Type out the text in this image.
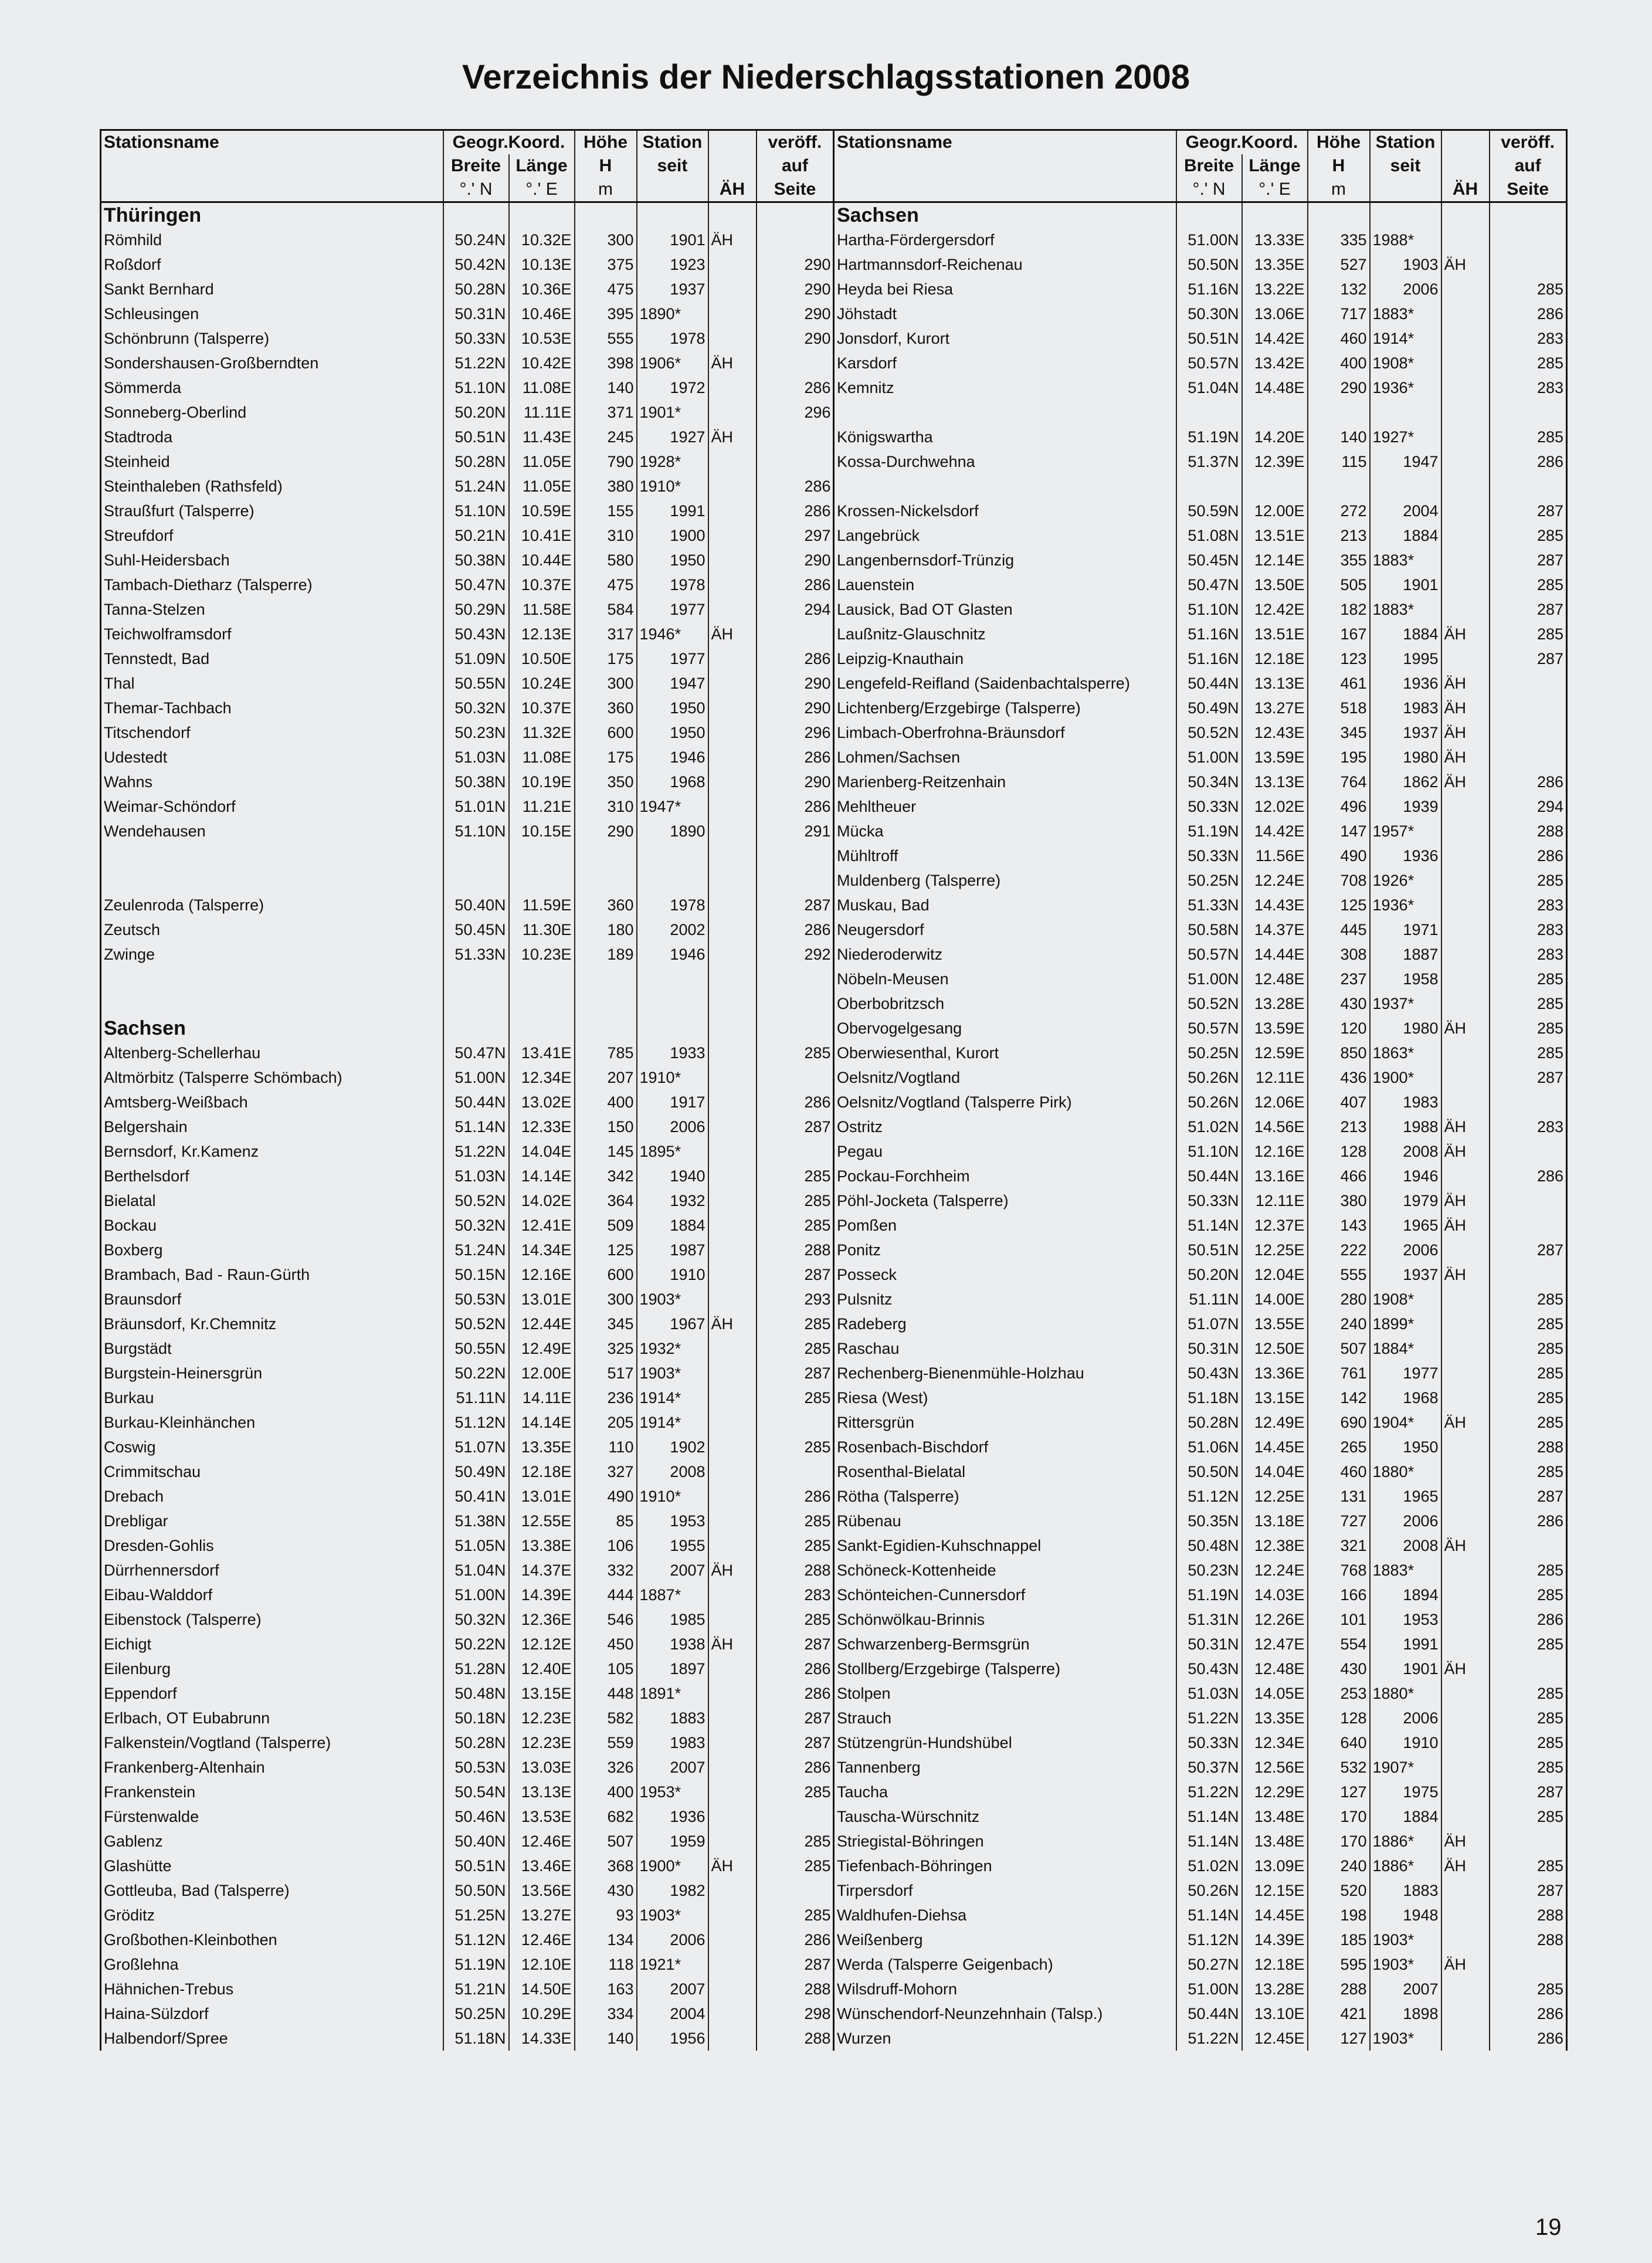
Verzeichnis der Niederschlagsstationen 2008
Stationsname	Geogr.Koord.		Höhe	Station		veröff.
	Breite	Länge	H	seit		auf
	°.' N	°.' E	m		ÄH	Seite
Thüringen						
Römhild	50.24N	10.32E	300	1901	ÄH	
Roßdorf	50.42N	10.13E	375	1923		290
Sankt Bernhard	50.28N	10.36E	475	1937		290
Schleusingen	50.31N	10.46E	395	1890*		290
Schönbrunn (Talsperre)	50.33N	10.53E	555	1978		290
Sondershausen-Großberndten	51.22N	10.42E	398	1906*	ÄH	
Sömmerda	51.10N	11.08E	140	1972		286
Sonneberg-Oberlind	50.20N	11.11E	371	1901*		296
Stadtroda	50.51N	11.43E	245	1927	ÄH	
Steinheid	50.28N	11.05E	790	1928*		
Steinthaleben (Rathsfeld)	51.24N	11.05E	380	1910*		286
Straußfurt (Talsperre)	51.10N	10.59E	155	1991		286
Streufdorf	50.21N	10.41E	310	1900		297
Suhl-Heidersbach	50.38N	10.44E	580	1950		290
Tambach-Dietharz (Talsperre)	50.47N	10.37E	475	1978		286
Tanna-Stelzen	50.29N	11.58E	584	1977		294
Teichwolframsdorf	50.43N	12.13E	317	1946*	ÄH	
Tennstedt, Bad	51.09N	10.50E	175	1977		286
Thal	50.55N	10.24E	300	1947		290
Themar-Tachbach	50.32N	10.37E	360	1950		290
Titschendorf	50.23N	11.32E	600	1950		296
Udestedt	51.03N	11.08E	175	1946		286
Wahns	50.38N	10.19E	350	1968		290
Weimar-Schöndorf	51.01N	11.21E	310	1947*		286
Wendehausen	51.10N	10.15E	290	1890		291

Zeulenroda (Talsperre)	50.40N	11.59E	360	1978		287
Zeutsch	50.45N	11.30E	180	2002		286
Zwinge	51.33N	10.23E	189	1946		292

Sachsen						
Altenberg-Schellerhau	50.47N	13.41E	785	1933		285
Altmörbitz (Talsperre Schömbach)	51.00N	12.34E	207	1910*		
Amtsberg-Weißbach	50.44N	13.02E	400	1917		286
Belgershain	51.14N	12.33E	150	2006		287
Bernsdorf, Kr.Kamenz	51.22N	14.04E	145	1895*		
Berthelsdorf	51.03N	14.14E	342	1940		285
Bielatal	50.52N	14.02E	364	1932		285
Bockau	50.32N	12.41E	509	1884		285
Boxberg	51.24N	14.34E	125	1987		288
Brambach, Bad - Raun-Gürth	50.15N	12.16E	600	1910		287
Braunsdorf	50.53N	13.01E	300	1903*		293
Bräunsdorf, Kr.Chemnitz	50.52N	12.44E	345	1967	ÄH	285
Burgstädt	50.55N	12.49E	325	1932*		285
Burgstein-Heinersgrün	50.22N	12.00E	517	1903*		287
Burkau	51.11N	14.11E	236	1914*		285
Burkau-Kleinhänchen	51.12N	14.14E	205	1914*		
Coswig	51.07N	13.35E	110	1902		285
Crimmitschau	50.49N	12.18E	327	2008		
Drebach	50.41N	13.01E	490	1910*		286
Drebligar	51.38N	12.55E	85	1953		285
Dresden-Gohlis	51.05N	13.38E	106	1955		285
Dürrhennersdorf	51.04N	14.37E	332	2007	ÄH	288
Eibau-Walddorf	51.00N	14.39E	444	1887*		283
Eibenstock (Talsperre)	50.32N	12.36E	546	1985		285
Eichigt	50.22N	12.12E	450	1938	ÄH	287
Eilenburg	51.28N	12.40E	105	1897		286
Eppendorf	50.48N	13.15E	448	1891*		286
Erlbach, OT Eubabrunn	50.18N	12.23E	582	1883		287
Falkenstein/Vogtland (Talsperre)	50.28N	12.23E	559	1983		287
Frankenberg-Altenhain	50.53N	13.03E	326	2007		286
Frankenstein	50.54N	13.13E	400	1953*		285
Fürstenwalde	50.46N	13.53E	682	1936		
Gablenz	50.40N	12.46E	507	1959		285
Glashütte	50.51N	13.46E	368	1900*	ÄH	285
Gottleuba, Bad (Talsperre)	50.50N	13.56E	430	1982		
Gröditz	51.25N	13.27E	93	1903*		285
Großbothen-Kleinbothen	51.12N	12.46E	134	2006		286
Großlehna	51.19N	12.10E	118	1921*		287
Hähnichen-Trebus	51.21N	14.50E	163	2007		288
Haina-Sülzdorf	50.25N	10.29E	334	2004		298
Halbendorf/Spree	51.18N	14.33E	140	1956		288
Stationsname	Geogr.Koord.		Höhe	Station		veröff.
	Breite	Länge	H	seit		auf
	°.' N	°.' E	m		ÄH	Seite
Sachsen						
Hartha-Fördergersdorf	51.00N	13.33E	335	1988*		
Hartmannsdorf-Reichenau	50.50N	13.35E	527	1903	ÄH	
Heyda bei Riesa	51.16N	13.22E	132	2006		285
Jöhstadt	50.30N	13.06E	717	1883*		286
Jonsdorf, Kurort	50.51N	14.42E	460	1914*		283
Karsdorf	50.57N	13.42E	400	1908*		285
Kemnitz	51.04N	14.48E	290	1936*		283

Königswartha	51.19N	14.20E	140	1927*		285
Kossa-Durchwehna	51.37N	12.39E	115	1947		286

Krossen-Nickelsdorf	50.59N	12.00E	272	2004		287
Langebrück	51.08N	13.51E	213	1884		285
Langenbernsdorf-Trünzig	50.45N	12.14E	355	1883*		287
Lauenstein	50.47N	13.50E	505	1901		285
Lausick, Bad OT Glasten	51.10N	12.42E	182	1883*		287
Laußnitz-Glauschnitz	51.16N	13.51E	167	1884	ÄH	285
Leipzig-Knauthain	51.16N	12.18E	123	1995		287
Lengefeld-Reifland (Saidenbachtalsperre)	50.44N	13.13E	461	1936	ÄH	
Lichtenberg/Erzgebirge (Talsperre)	50.49N	13.27E	518	1983	ÄH	
Limbach-Oberfrohna-Bräunsdorf	50.52N	12.43E	345	1937	ÄH	
Lohmen/Sachsen	51.00N	13.59E	195	1980	ÄH	
Marienberg-Reitzenhain	50.34N	13.13E	764	1862	ÄH	286
Mehltheuer	50.33N	12.02E	496	1939		294
Mücka	51.19N	14.42E	147	1957*		288
Mühltroff	50.33N	11.56E	490	1936		286
Muldenberg (Talsperre)	50.25N	12.24E	708	1926*		285
Muskau, Bad	51.33N	14.43E	125	1936*		283
Neugersdorf	50.58N	14.37E	445	1971		283
Niederoderwitz	50.57N	14.44E	308	1887		283
Nöbeln-Meusen	51.00N	12.48E	237	1958		285
Oberbobritzsch	50.52N	13.28E	430	1937*		285
Obervogelgesang	50.57N	13.59E	120	1980	ÄH	285
Oberwiesenthal, Kurort	50.25N	12.59E	850	1863*		285
Oelsnitz/Vogtland	50.26N	12.11E	436	1900*		287
Oelsnitz/Vogtland (Talsperre Pirk)	50.26N	12.06E	407	1983		
Ostritz	51.02N	14.56E	213	1988	ÄH	283
Pegau	51.10N	12.16E	128	2008	ÄH	
Pockau-Forchheim	50.44N	13.16E	466	1946		286
Pöhl-Jocketa (Talsperre)	50.33N	12.11E	380	1979	ÄH	
Pomßen	51.14N	12.37E	143	1965	ÄH	
Ponitz	50.51N	12.25E	222	2006		287
Posseck	50.20N	12.04E	555	1937	ÄH	
Pulsnitz	51.11N	14.00E	280	1908*		285
Radeberg	51.07N	13.55E	240	1899*		285
Raschau	50.31N	12.50E	507	1884*		285
Rechenberg-Bienenmühle-Holzhau	50.43N	13.36E	761	1977		285
Riesa (West)	51.18N	13.15E	142	1968		285
Rittersgrün	50.28N	12.49E	690	1904*	ÄH	285
Rosenbach-Bischdorf	51.06N	14.45E	265	1950		288
Rosenthal-Bielatal	50.50N	14.04E	460	1880*		285
Rötha (Talsperre)	51.12N	12.25E	131	1965		287
Rübenau	50.35N	13.18E	727	2006		286
Sankt-Egidien-Kuhschnappel	50.48N	12.38E	321	2008	ÄH	
Schöneck-Kottenheide	50.23N	12.24E	768	1883*		285
Schönteichen-Cunnersdorf	51.19N	14.03E	166	1894		285
Schönwölkau-Brinnis	51.31N	12.26E	101	1953		286
Schwarzenberg-Bermsgrün	50.31N	12.47E	554	1991		285
Stollberg/Erzgebirge (Talsperre)	50.43N	12.48E	430	1901	ÄH	
Stolpen	51.03N	14.05E	253	1880*		285
Strauch	51.22N	13.35E	128	2006		285
Stützengrün-Hundshübel	50.33N	12.34E	640	1910		285
Tannenberg	50.37N	12.56E	532	1907*		285
Taucha	51.22N	12.29E	127	1975		287
Tauscha-Würschnitz	51.14N	13.48E	170	1884		285
Striegistal-Böhringen	51.14N	13.48E	170	1886*	ÄH	
Tiefenbach-Böhringen	51.02N	13.09E	240	1886*	ÄH	285
Tirpersdorf	50.26N	12.15E	520	1883		287
Waldhufen-Diehsa	51.14N	14.45E	198	1948		288
Weißenberg	51.12N	14.39E	185	1903*		288
Werda (Talsperre Geigenbach)	50.27N	12.18E	595	1903*	ÄH	
Wilsdruff-Mohorn	51.00N	13.28E	288	2007		285
Wünschendorf-Neunzehnhain (Talsp.)	50.44N	13.10E	421	1898		286
Wurzen	51.22N	12.45E	127	1903*		286
19
